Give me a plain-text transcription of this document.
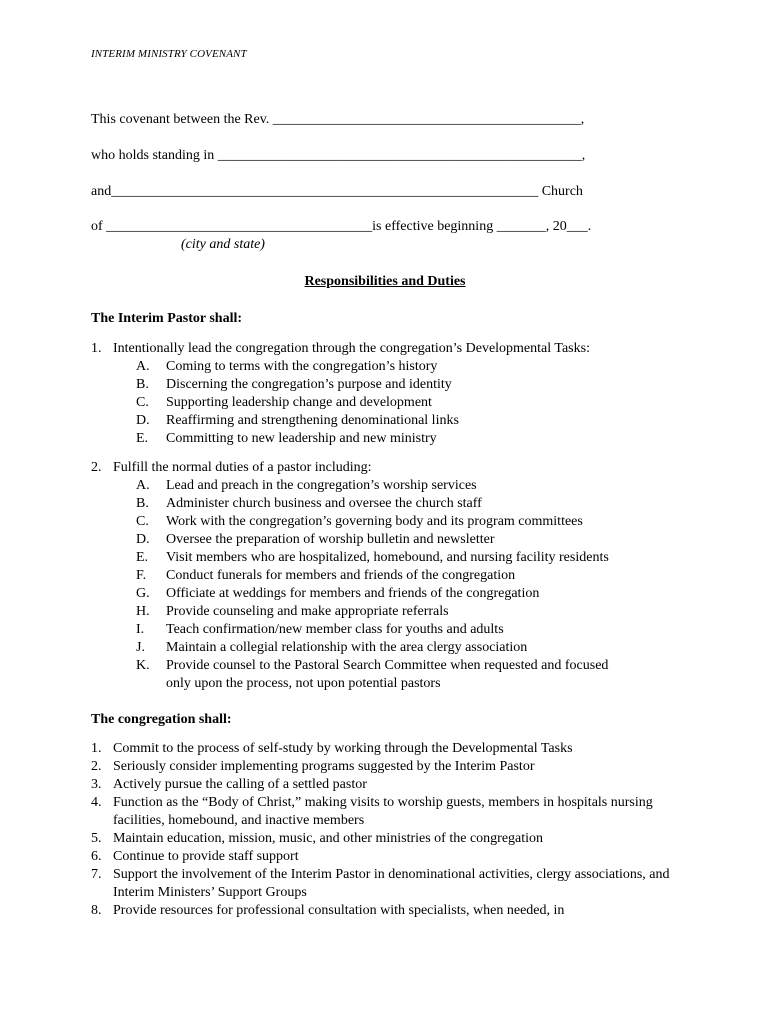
INTERIM MINISTRY COVENANT
This covenant between the Rev. ____________________________________________,
who holds standing in ____________________________________________________,
and_____________________________________________________________ Church
of ______________________________________is effective beginning _______, 20___.
(city and state)
Responsibilities and Duties
The Interim Pastor shall:
1. Intentionally lead the congregation through the congregation’s Developmental Tasks:
A. Coming to terms with the congregation’s history
B. Discerning the congregation’s purpose and identity
C. Supporting leadership change and development
D. Reaffirming and strengthening denominational links
E. Committing to new leadership and new ministry
2. Fulfill the normal duties of a pastor including:
A. Lead and preach in the congregation’s worship services
B. Administer church business and oversee the church staff
C. Work with the congregation’s governing body and its program committees
D. Oversee the preparation of worship bulletin and newsletter
E. Visit members who are hospitalized, homebound, and nursing facility residents
F. Conduct funerals for members and friends of the congregation
G. Officiate at weddings for members and friends of the congregation
H. Provide counseling and make appropriate referrals
I. Teach confirmation/new member class for youths and adults
J. Maintain a collegial relationship with the area clergy association
K. Provide counsel to the Pastoral Search Committee when requested and focused only upon the process, not upon potential pastors
The congregation shall:
1. Commit to the process of self-study by working through the Developmental Tasks
2. Seriously consider implementing programs suggested by the Interim Pastor
3. Actively pursue the calling of a settled pastor
4. Function as the “Body of Christ,” making visits to worship guests, members in hospitals nursing facilities, homebound, and inactive members
5. Maintain education, mission, music, and other ministries of the congregation
6. Continue to provide staff support
7. Support the involvement of the Interim Pastor in denominational activities, clergy associations, and Interim Ministers’ Support Groups
8. Provide resources for professional consultation with specialists, when needed, in
